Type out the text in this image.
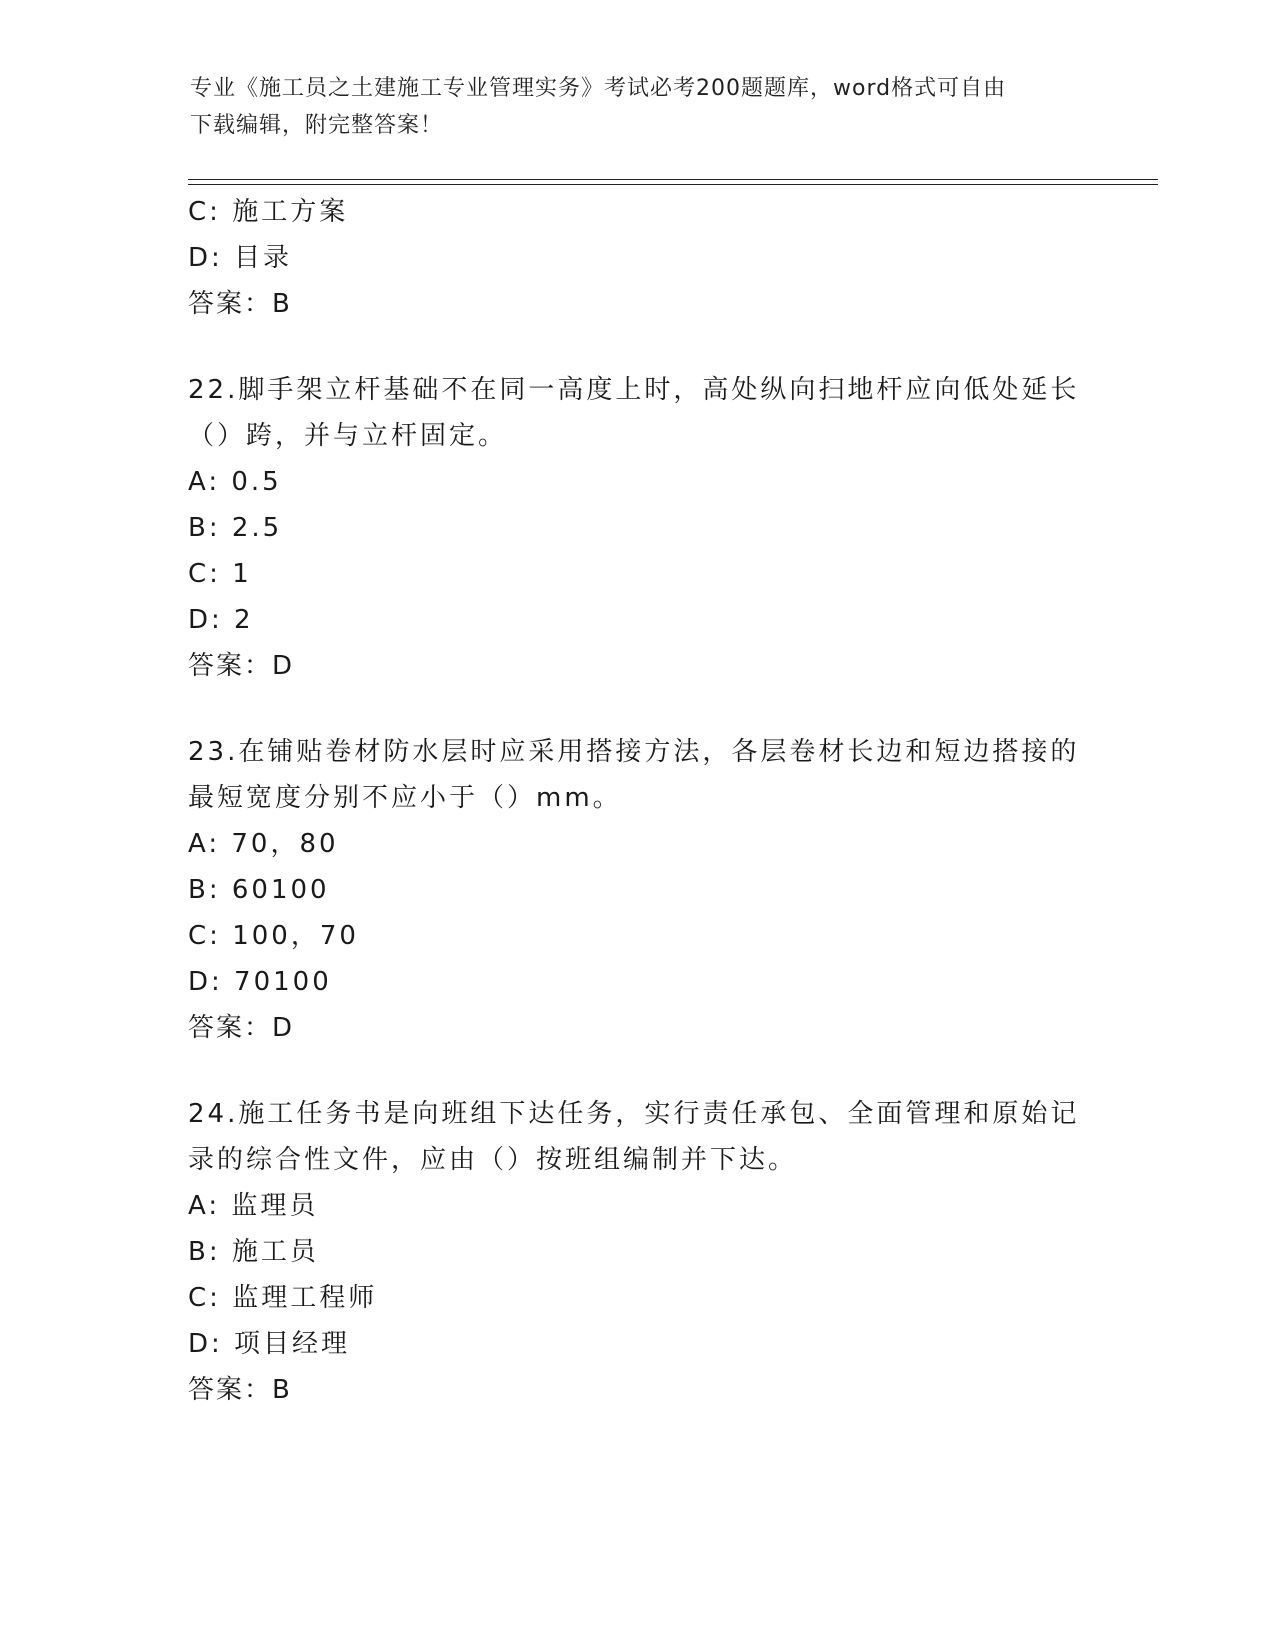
专业《施工员之土建施工专业管理实务》考试必考200题题库，word格式可自由
下载编辑，附完整答案！
C: 施工方案
D: 目录
答案：B
22.脚手架立杆基础不在同一高度上时，高处纵向扫地杆应向低处延长
（）跨，并与立杆固定。
A: 0.5
B: 2.5
C: 1
D: 2
答案：D
23.在铺贴卷材防水层时应采用搭接方法，各层卷材长边和短边搭接的
最短宽度分别不应小于（）mm。
A: 70，80
B: 60100
C: 100，70
D: 70100
答案：D
24.施工任务书是向班组下达任务，实行责任承包、全面管理和原始记
录的综合性文件，应由（）按班组编制并下达。
A: 监理员
B: 施工员
C: 监理工程师
D: 项目经理
答案：B
